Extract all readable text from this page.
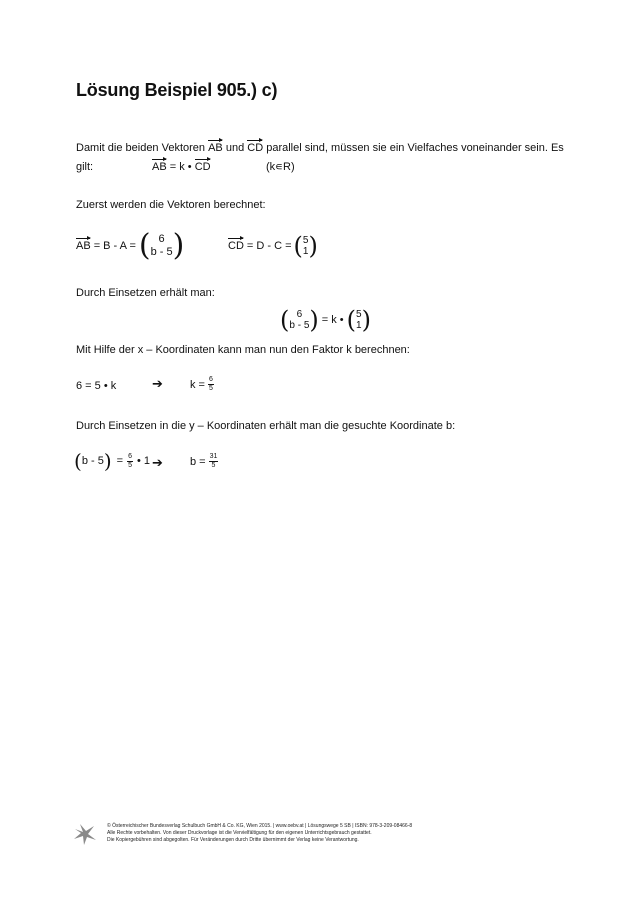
Lösung Beispiel 905.) c)
Damit die beiden Vektoren AB und CD parallel sind, müssen sie ein Vielfaches voneinander sein. Es
gilt:	AB = k • CD	(k∊R)
Zuerst werden die Vektoren berechnet:
AB = B - A = ( 6
b - 5 )	CD = D - C = ( 5
1 )
Durch Einsetzen erhält man:
( 6
b - 5 ) = k • ( 5
1 )
Mit Hilfe der x – Koordinaten kann man nun den Faktor k berechnen:
6 = 5 • k	➔ $k = \frac{6}{5}$
Durch Einsetzen in die y – Koordinaten erhält man die gesuchte Koordinate b:
( b - 5 ) = $\frac{6}{5}$ • 1 ➔ $b = \frac{31}{5}$
© Österreichischer Bundesverlag Schulbuch GmbH & Co. KG, Wien 2015. | www.oebv.at | Lösungswege 5 SB | ISBN: 978-3-209-08466-8
Alle Rechte vorbehalten. Von dieser Druckvorlage ist die Vervielfältigung für den eigenen Unterrichtsgebrauch gestattet.
Die Kopiergebühren sind abgegolten. Für Veränderungen durch Dritte übernimmt der Verlag keine Verantwortung.
